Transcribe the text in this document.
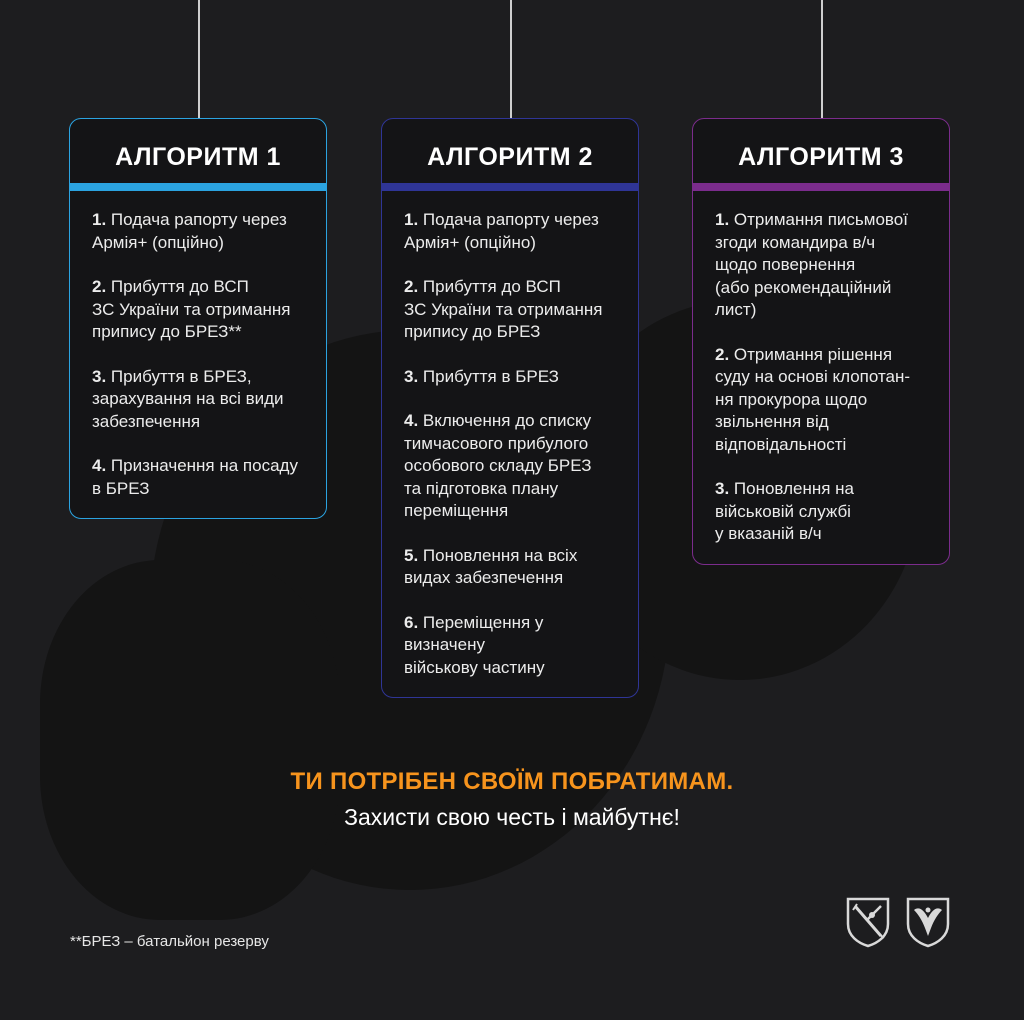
АЛГОРИТМ 1
1. Подача рапорту через
Армія+ (опційно)
2. Прибуття до ВСП
ЗС України та отримання
припису до БРЕЗ**
3. Прибуття в БРЕЗ,
зарахування на всі види
забезпечення
4. Призначення на посаду
в БРЕЗ
АЛГОРИТМ 2
1. Подача рапорту через
Армія+ (опційно)
2. Прибуття до ВСП
ЗС України та отримання
припису до БРЕЗ
3. Прибуття в БРЕЗ
4. Включення до списку
тимчасового прибулого
особового складу БРЕЗ
та підготовка плану
переміщення
5. Поновлення на всіх
видах забезпечення
6. Переміщення у
визначену
військову частину
АЛГОРИТМ 3
1. Отримання письмової
згоди командира в/ч
щодо повернення
(або рекомендаційний
лист)
2. Отримання рішення
суду на основі клопотан-
ня прокурора щодо
звільнення від
відповідальності
3. Поновлення на
військовій службі
у вказаній в/ч
ТИ ПОТРІБЕН СВОЇМ ПОБРАТИМАМ.
Захисти свою честь і майбутнє!
**БРЕЗ – батальйон резерву
